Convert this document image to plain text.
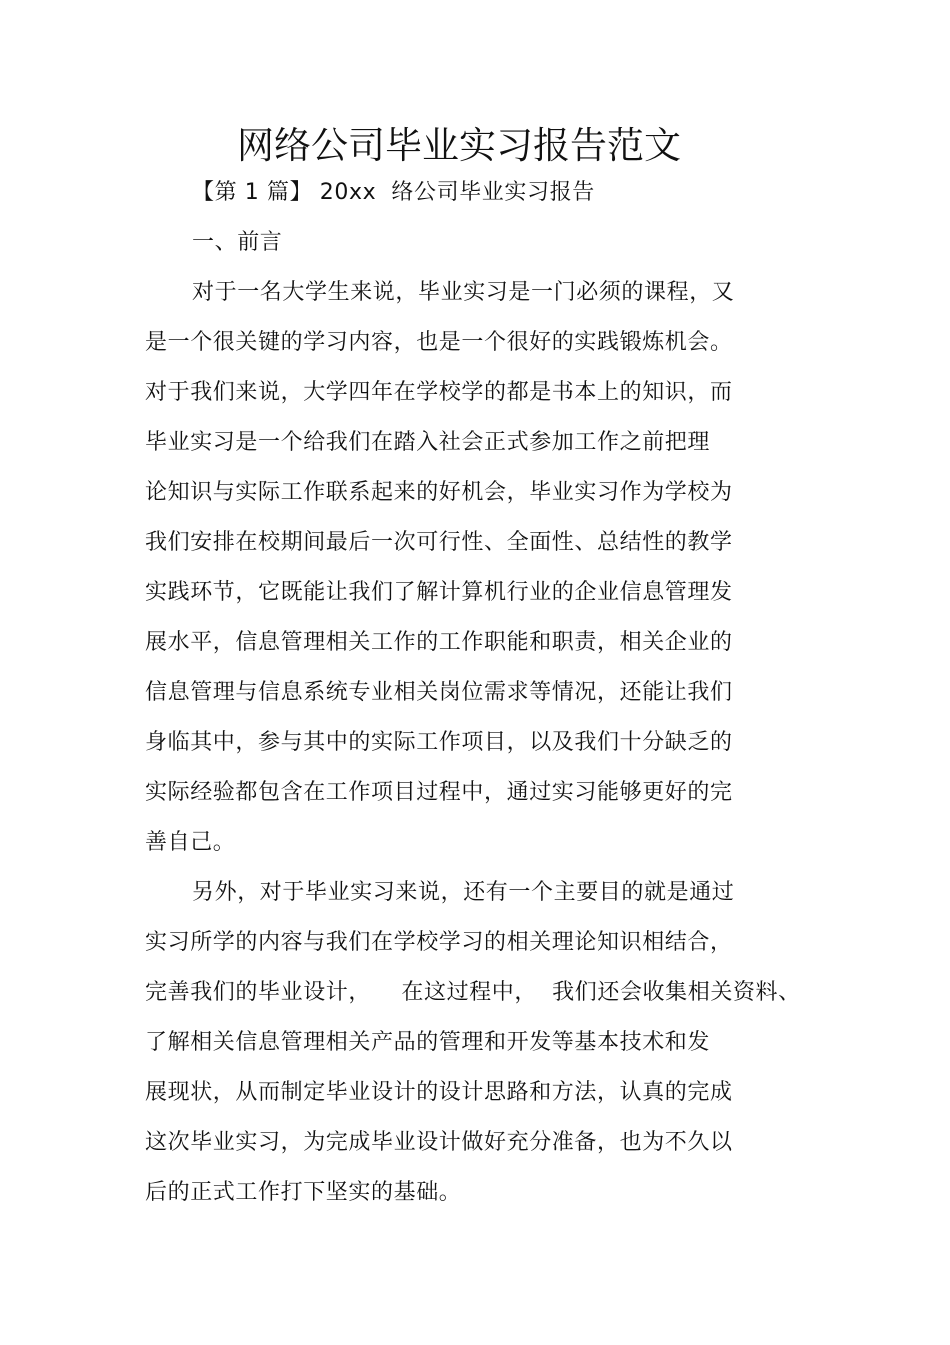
网络公司毕业实习报告范文
【第 1 篇】 20xx  络公司毕业实习报告
一、前言
对于一名大学生来说，毕业实习是一门必须的课程，又
是一个很关键的学习内容，也是一个很好的实践锻炼机会。
对于我们来说，大学四年在学校学的都是书本上的知识，而
毕业实习是一个给我们在踏入社会正式参加工作之前把理
论知识与实际工作联系起来的好机会，毕业实习作为学校为
我们安排在校期间最后一次可行性、全面性、总结性的教学
实践环节，它既能让我们了解计算机行业的企业信息管理发
展水平，信息管理相关工作的工作职能和职责，相关企业的
信息管理与信息系统专业相关岗位需求等情况，还能让我们
身临其中，参与其中的实际工作项目，以及我们十分缺乏的
实际经验都包含在工作项目过程中，通过实习能够更好的完
善自己。
另外，对于毕业实习来说，还有一个主要目的就是通过
实习所学的内容与我们在学校学习的相关理论知识相结合，
完善我们的毕业设计，    在这过程中，  我们还会收集相关资料、
了解相关信息管理相关产品的管理和开发等基本技术和发
展现状，从而制定毕业设计的设计思路和方法，认真的完成
这次毕业实习，为完成毕业设计做好充分准备，也为不久以
后的正式工作打下坚实的基础。
